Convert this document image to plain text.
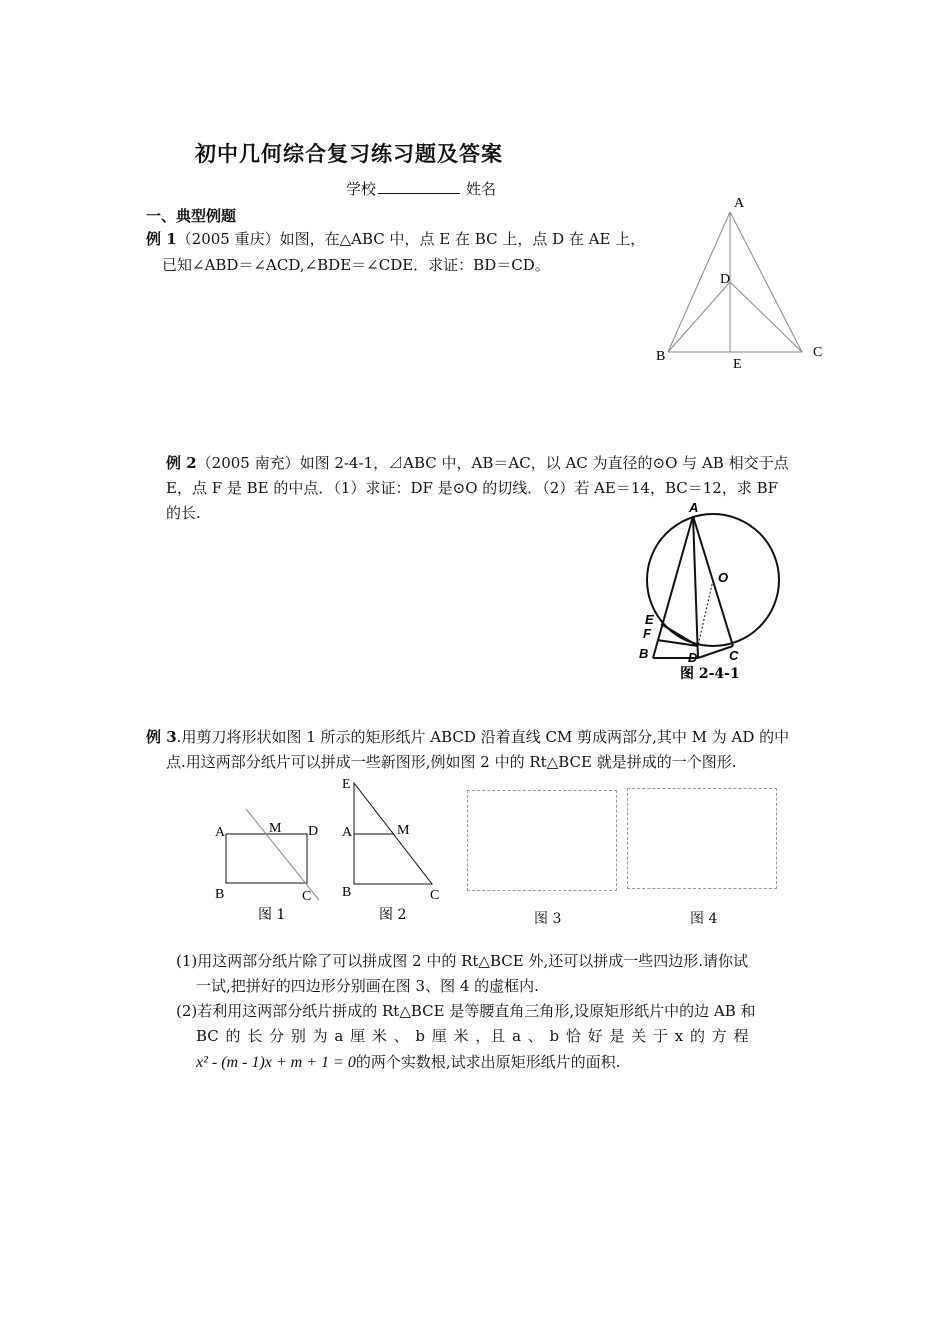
初中几何综合复习练习题及答案
学校	姓名
一、典型例题
例 1（2005 重庆）如图，在△ABC 中，点 E 在 BC 上，点 D 在 AE 上，
已知∠ABD＝∠ACD,∠BDE＝∠CDE．求证：BD＝CD。
A
D
B
E
C
例 2（2005 南充）如图 2-4-1，⊿ABC 中，AB＝AC，以 AC 为直径的⊙O 与 AB 相交于点
E，点 F 是 BE 的中点．（1）求证：DF 是⊙O 的切线．（2）若 AE＝14，BC＝12，求 BF
的长.	A
O
E
F
B	D C
图 2-4-1
例 3.用剪刀将形状如图 1 所示的矩形纸片 ABCD 沿着直线 CM 剪成两部分,其中 M 为 AD 的中
点.用这两部分纸片可以拼成一些新图形,例如图 2 中的 Rt△BCE 就是拼成的一个图形.
A	M D
B	C
图 1
E
A	M
B	C
图 2	图 3	图 4
(1)用这两部分纸片除了可以拼成图 2 中的 Rt△BCE 外,还可以拼成一些四边形.请你试
一试,把拼好的四边形分别画在图 3、图 4 的虚框内.
(2)若利用这两部分纸片拼成的 Rt△BCE 是等腰直角三角形,设原矩形纸片中的边 AB 和
BC 的 长 分 别 为 a 厘 米 、 b 厘 米 ，且 a 、 b 恰 好 是 关 于 x 的 方 程
x² - (m - 1)x + m + 1 = 0的两个实数根,试求出原矩形纸片的面积.
